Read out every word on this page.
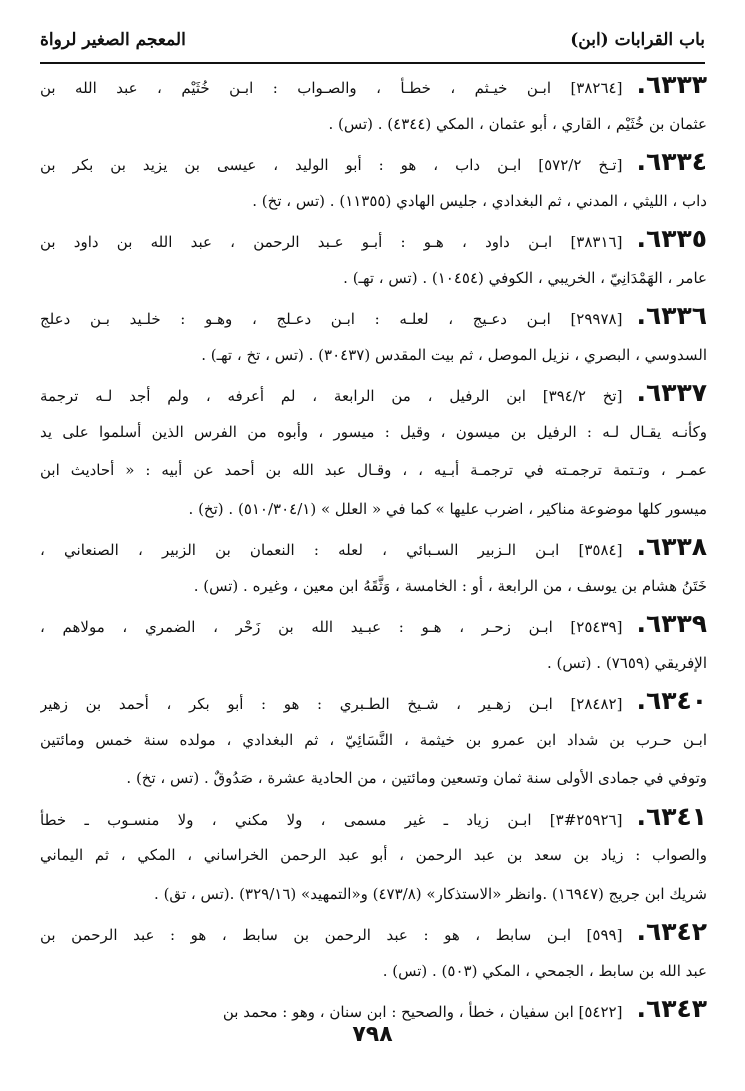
باب القرابات (ابن)
المعجم الصغير لرواة
٦٣٣٣.[٣٨٢٦٤] ابـن خيـثم ، خطـأ ، والصـواب : ابـن خُثَيْم ، عبد الله بن
عثمان بن خُثَيْم ، القاري ، أبو عثمان ، المكي (٤٣٤٤) . (تس) .
٦٣٣٤.[تـخ ٥٧٢/٢] ابـن داب ، هو : أبو الوليد ، عيسى بن يزيد بن بكر بن
داب ، الليثي ، المدني ، ثم البغدادي ، جليس الهادي (١١٣٥٥) . (تس ، تخ) .
٦٣٣٥.[٣٨٣١٦] ابـن داود ، هـو : أبـو عـبد الرحمن ، عبد الله بن داود بن
عامر ، الهَمْدَانِيّ ، الخريبي ، الكوفي (١٠٤٥٤) . (تس ، تهـ) .
٦٣٣٦.[٢٩٩٧٨] ابـن دعـيج ، لعلـه : ابـن دعـلج ، وهـو : خلـيد بـن دعلج
السدوسي ، البصري ، نزيل الموصل ، ثم بيت المقدس (٣٠٤٣٧) . (تس ، تخ ، تهـ) .
٦٣٣٧.[تخ ٣٩٤/٢] ابن الرفيل ، من الرابعة ، لم أعرفه ، ولم أجد لـه ترجمة
وكأنـه يقـال لـه : الرفيل بن ميسون ، وقيل : ميسور ، وأبوه من الفرس الذين أسلموا على يد
عمـر ، وتـتمة ترجمـته في ترجمـة أبـيه ، ، وقـال عبد الله بن أحمد عن أبيه : « أحاديث ابن
ميسور كلها موضوعة مناكير ، اضرب عليها » كما في « العلل » (٥١٠/٣٠٤/١) . (تخ) .
٦٣٣٨.[٣٥٨٤] ابـن الـزبير السـبائي ، لعله : النعمان بن الزبير ، الصنعاني ،
خَتَنُ هشام بن يوسف ، من الرابعة ، أو : الخامسة ، وَثَّقَهُ ابن معين ، وغيره . (تس) .
٦٣٣٩.[٢٥٤٣٩] ابـن زحـر ، هـو : عبـيد الله بن زَحْر ، الضمري ، مولاهم ،
الإفريقي (٧٦٥٩) . (تس) .
٦٣٤٠.[٢٨٤٨٢] ابـن زهـير ، شـيخ الطـبري : هو : أبو بكر ، أحمد بن زهير
ابـن حـرب بن شداد ابن عمرو بن خيثمة ، النَّسَائِيّ ، ثم البغدادي ، مولده سنة خمس ومائتين
وتوفي في جمادى الأولى سنة ثمان وتسعين ومائتين ، من الحادية عشرة ، صَدُوقٌ . (تس ، تخ) .
٦٣٤١.[٢٥٩٢٦#٣] ابـن زياد ـ غير مسمى ، ولا مكني ، ولا منسـوب ـ خطأ
والصواب : زياد بن سعد بن عبد الرحمن ، أبو عبد الرحمن الخراساني ، المكي ، ثم اليماني
شريك ابن جريج (١٦٩٤٧) .وانظر «الاستذكار» (٤٧٣/٨) و«التمهيد» (٣٢٩/١٦) .(تس ، تق) .
٦٣٤٢.[٥٩٩] ابـن سابط ، هو : عبد الرحمن بن سابط ، هو : عبد الرحمن بن
عبد الله بن سابط ، الجمحي ، المكي (٥٠٣) . (تس) .
٦٣٤٣.[٥٤٢٢] ابن سفيان ، خطأ ، والصحيح : ابن سنان ، وهو : محمد بن
٧٩٨
